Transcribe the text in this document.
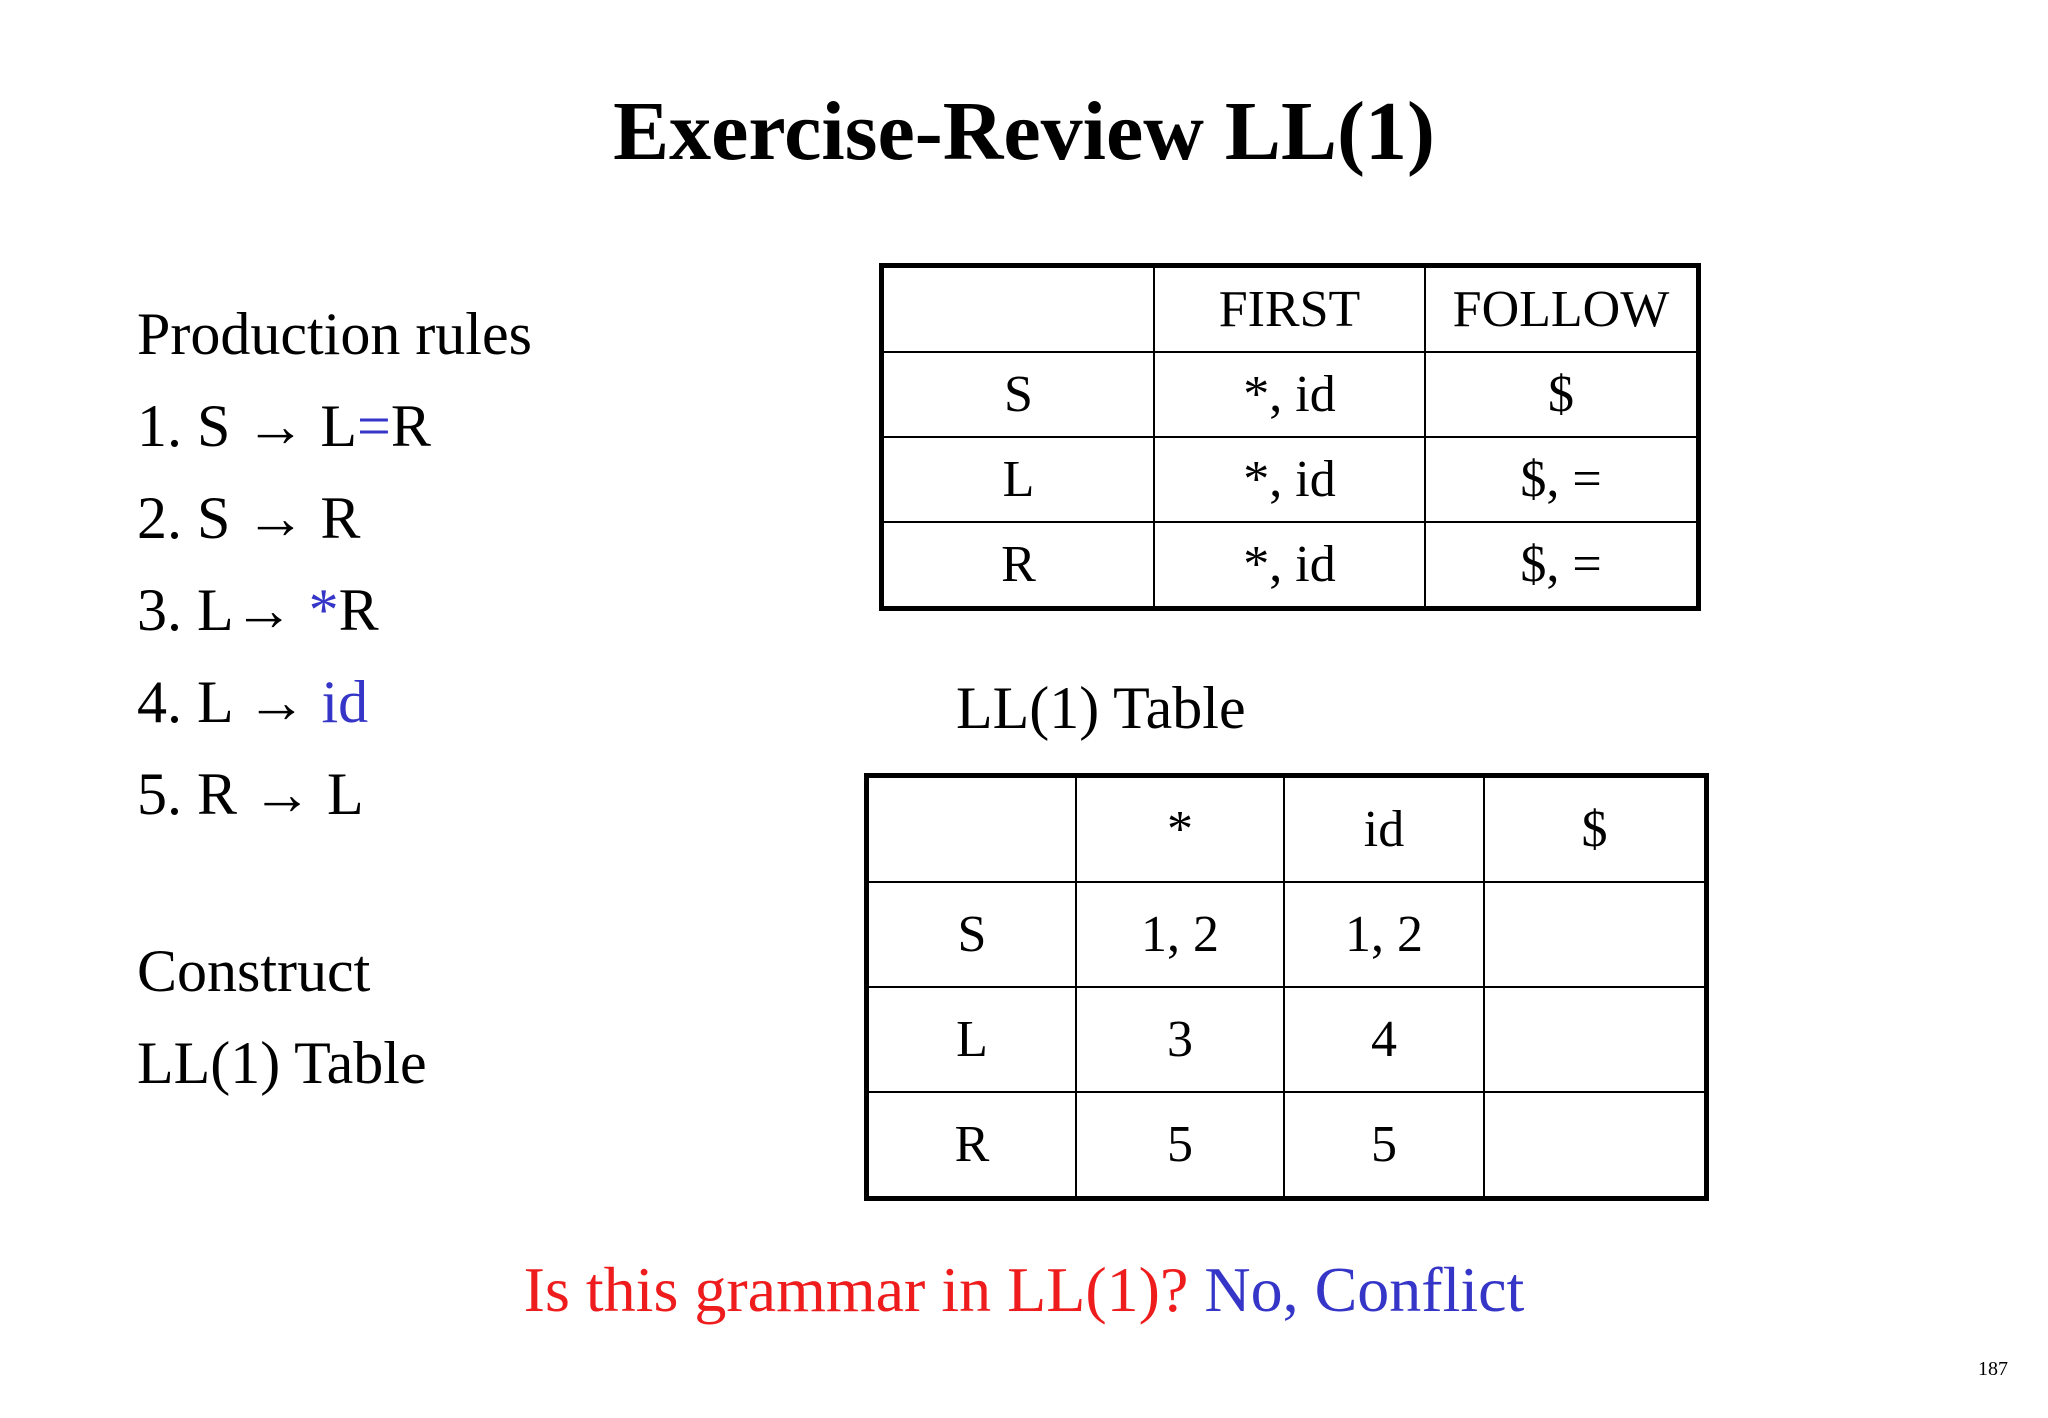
Exercise-Review LL(1)
Production rules
1. S → L=R
2. S → R
3. L→ *R
4. L → id
5. R → L
Construct
LL(1) Table
	FIRST	FOLLOW
S	*, id	$
L	*, id	$, =
R	*, id	$, =
LL(1) Table
	*	id	$
S	1, 2	1, 2	
L	3	4	
R	5	5	
Is this grammar in LL(1)? No, Conflict
187
